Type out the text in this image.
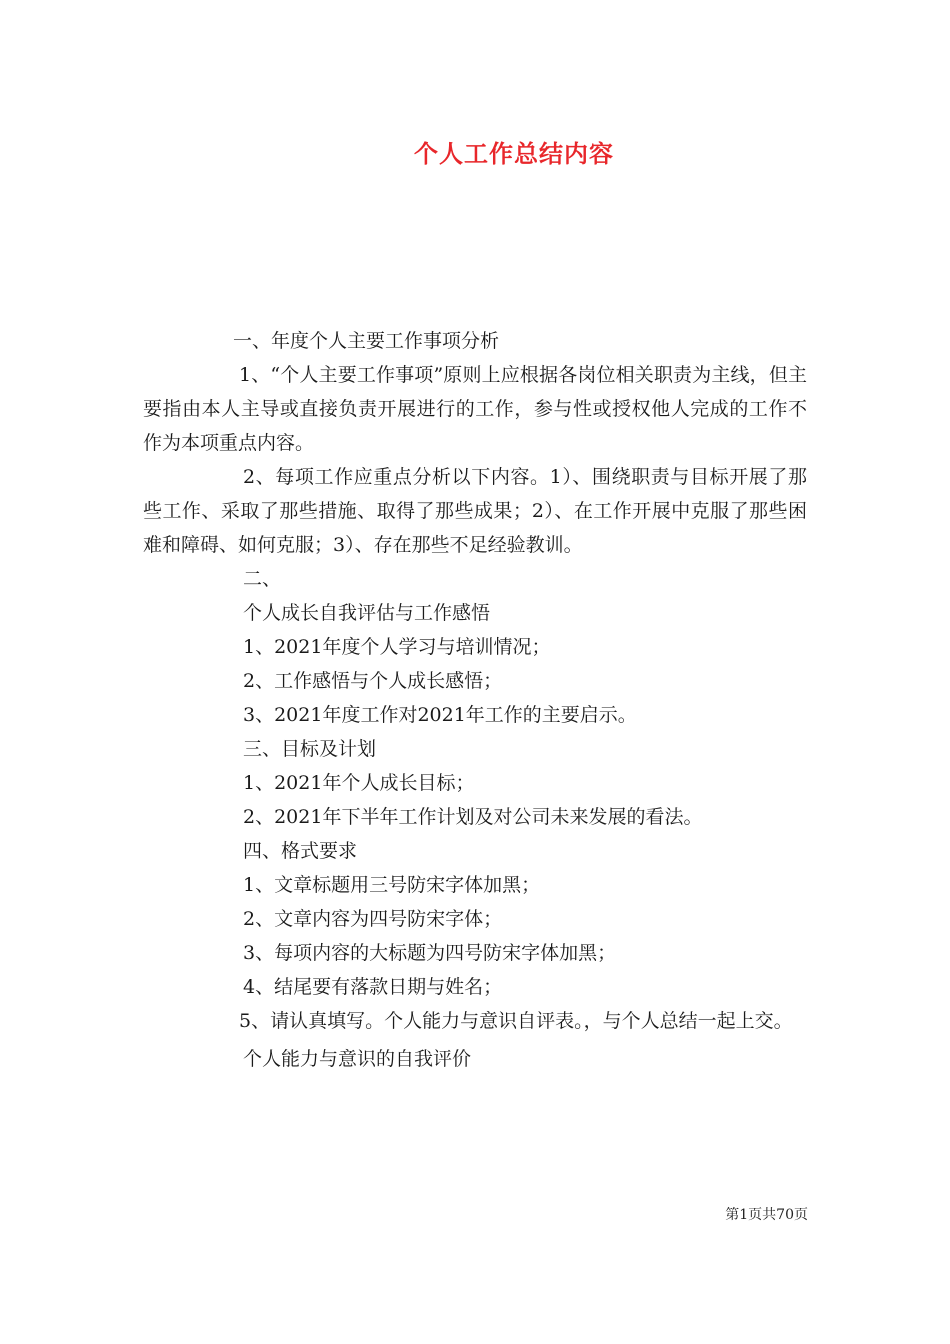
个人工作总结内容

一、年度个人主要工作事项分析

1、“个人主要工作事项”原则上应根据各岗位相关职责为主线，但主要指由本人主导或直接负责开展进行的工作，参与性或授权他人完成的工作不作为本项重点内容。

2、每项工作应重点分析以下内容。1）、围绕职责与目标开展了那些工作、采取了那些措施、取得了那些成果；2）、在工作开展中克服了那些困难和障碍、如何克服；3）、存在那些不足经验教训。

二、

个人成长自我评估与工作感悟

1、2021年度个人学习与培训情况；

2、工作感悟与个人成长感悟；

3、2021年度工作对2021年工作的主要启示。

三、目标及计划

1、2021年个人成长目标；

2、2021年下半年工作计划及对公司未来发展的看法。

四、格式要求

1、文章标题用三号防宋字体加黑；

2、文章内容为四号防宋字体；

3、每项内容的大标题为四号防宋字体加黑；

4、结尾要有落款日期与姓名；

5、请认真填写。个人能力与意识自评表。，与个人总结一起上交。

个人能力与意识的自我评价

第1页共70页
